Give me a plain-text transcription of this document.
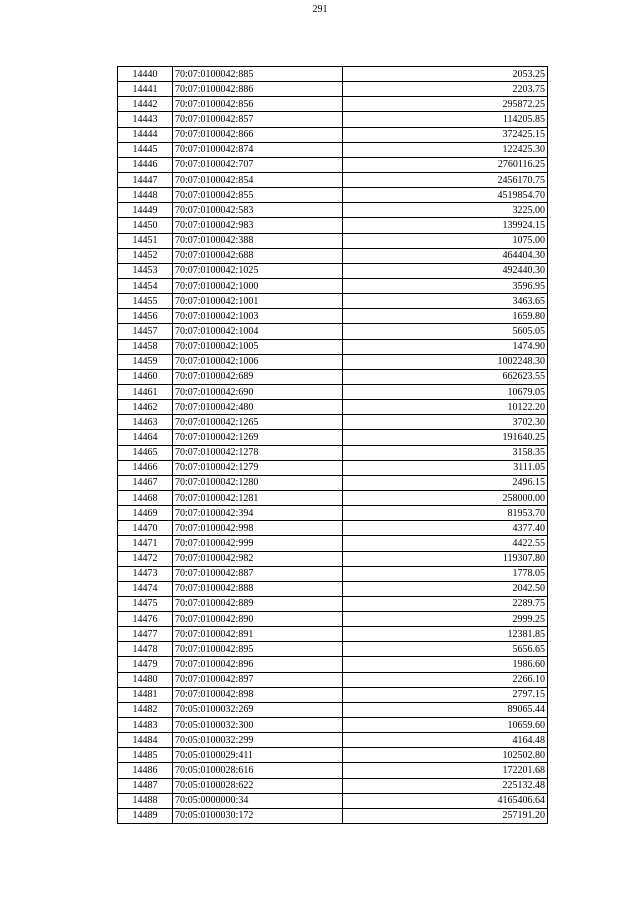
291
14440	70:07:0100042:885	2053.25
14441	70:07:0100042:886	2203.75
14442	70:07:0100042:856	295872.25
14443	70:07:0100042:857	114205.85
14444	70:07:0100042:866	372425.15
14445	70:07:0100042:874	122425.30
14446	70:07:0100042:707	2760116.25
14447	70:07:0100042:854	2456170.75
14448	70:07:0100042:855	4519854.70
14449	70:07:0100042:583	3225.00
14450	70:07:0100042:983	139924.15
14451	70:07:0100042:388	1075.00
14452	70:07:0100042:688	464404.30
14453	70:07:0100042:1025	492440.30
14454	70:07:0100042:1000	3596.95
14455	70:07:0100042:1001	3463.65
14456	70:07:0100042:1003	1659.80
14457	70:07:0100042:1004	5605.05
14458	70:07:0100042:1005	1474.90
14459	70:07:0100042:1006	1002248.30
14460	70:07:0100042:689	662623.55
14461	70:07:0100042:690	10679.05
14462	70:07:0100042:480	10122.20
14463	70:07:0100042:1265	3702.30
14464	70:07:0100042:1269	191640.25
14465	70:07:0100042:1278	3158.35
14466	70:07:0100042:1279	3111.05
14467	70:07:0100042:1280	2496.15
14468	70:07:0100042:1281	258000.00
14469	70:07:0100042:394	81953.70
14470	70:07:0100042:998	4377.40
14471	70:07:0100042:999	4422.55
14472	70:07:0100042:982	119307.80
14473	70:07:0100042:887	1778.05
14474	70:07:0100042:888	2042.50
14475	70:07:0100042:889	2289.75
14476	70:07:0100042:890	2999.25
14477	70:07:0100042:891	12381.85
14478	70:07:0100042:895	5656.65
14479	70:07:0100042:896	1986.60
14480	70:07:0100042:897	2266.10
14481	70:07:0100042:898	2797.15
14482	70:05:0100032:269	89065.44
14483	70:05:0100032:300	10659.60
14484	70:05:0100032:299	4164.48
14485	70:05:0100029:411	102502.80
14486	70:05:0100028:616	172201.68
14487	70:05:0100028:622	225132.48
14488	70:05:0000000:34	4165406.64
14489	70:05:0100030:172	257191.20
